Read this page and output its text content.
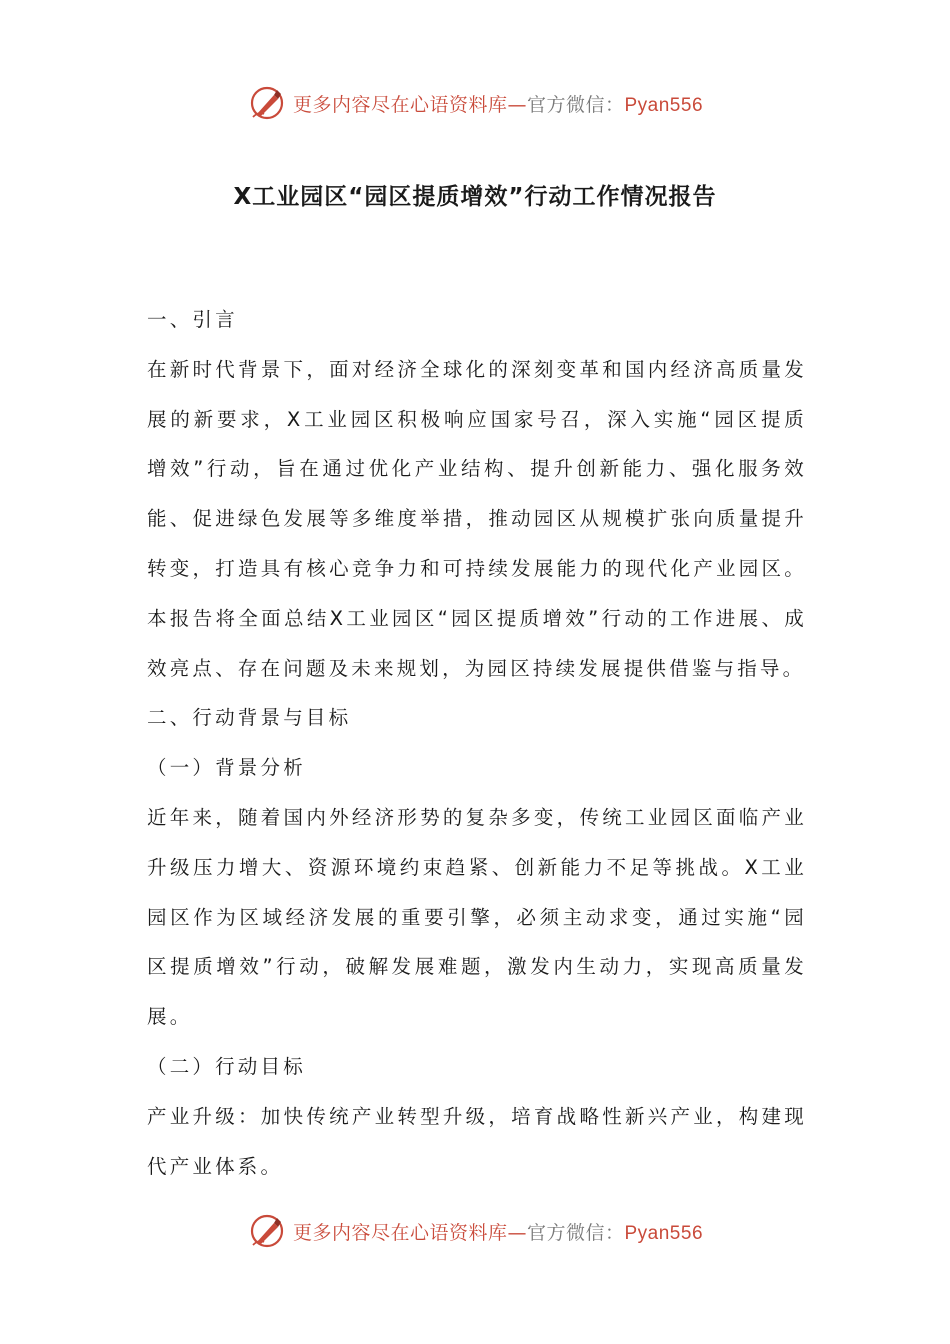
更多内容尽在心语资料库—官方微信：Pyan556
X工业园区“园区提质增效”行动工作情况报告

一、引言

在新时代背景下，面对经济全球化的深刻变革和国内经济高质量发展的新要求，X工业园区积极响应国家号召，深入实施“园区提质增效”行动，旨在通过优化产业结构、提升创新能力、强化服务效能、促进绿色发展等多维度举措，推动园区从规模扩张向质量提升转变，打造具有核心竞争力和可持续发展能力的现代化产业园区。本报告将全面总结X工业园区“园区提质增效”行动的工作进展、成效亮点、存在问题及未来规划，为园区持续发展提供借鉴与指导。

二、行动背景与目标

（一）背景分析

近年来，随着国内外经济形势的复杂多变，传统工业园区面临产业升级压力增大、资源环境约束趋紧、创新能力不足等挑战。X工业园区作为区域经济发展的重要引擎，必须主动求变，通过实施“园区提质增效”行动，破解发展难题，激发内生动力，实现高质量发展。

（二）行动目标

产业升级：加快传统产业转型升级，培育战略性新兴产业，构建现代产业体系。

更多内容尽在心语资料库—官方微信：Pyan556
